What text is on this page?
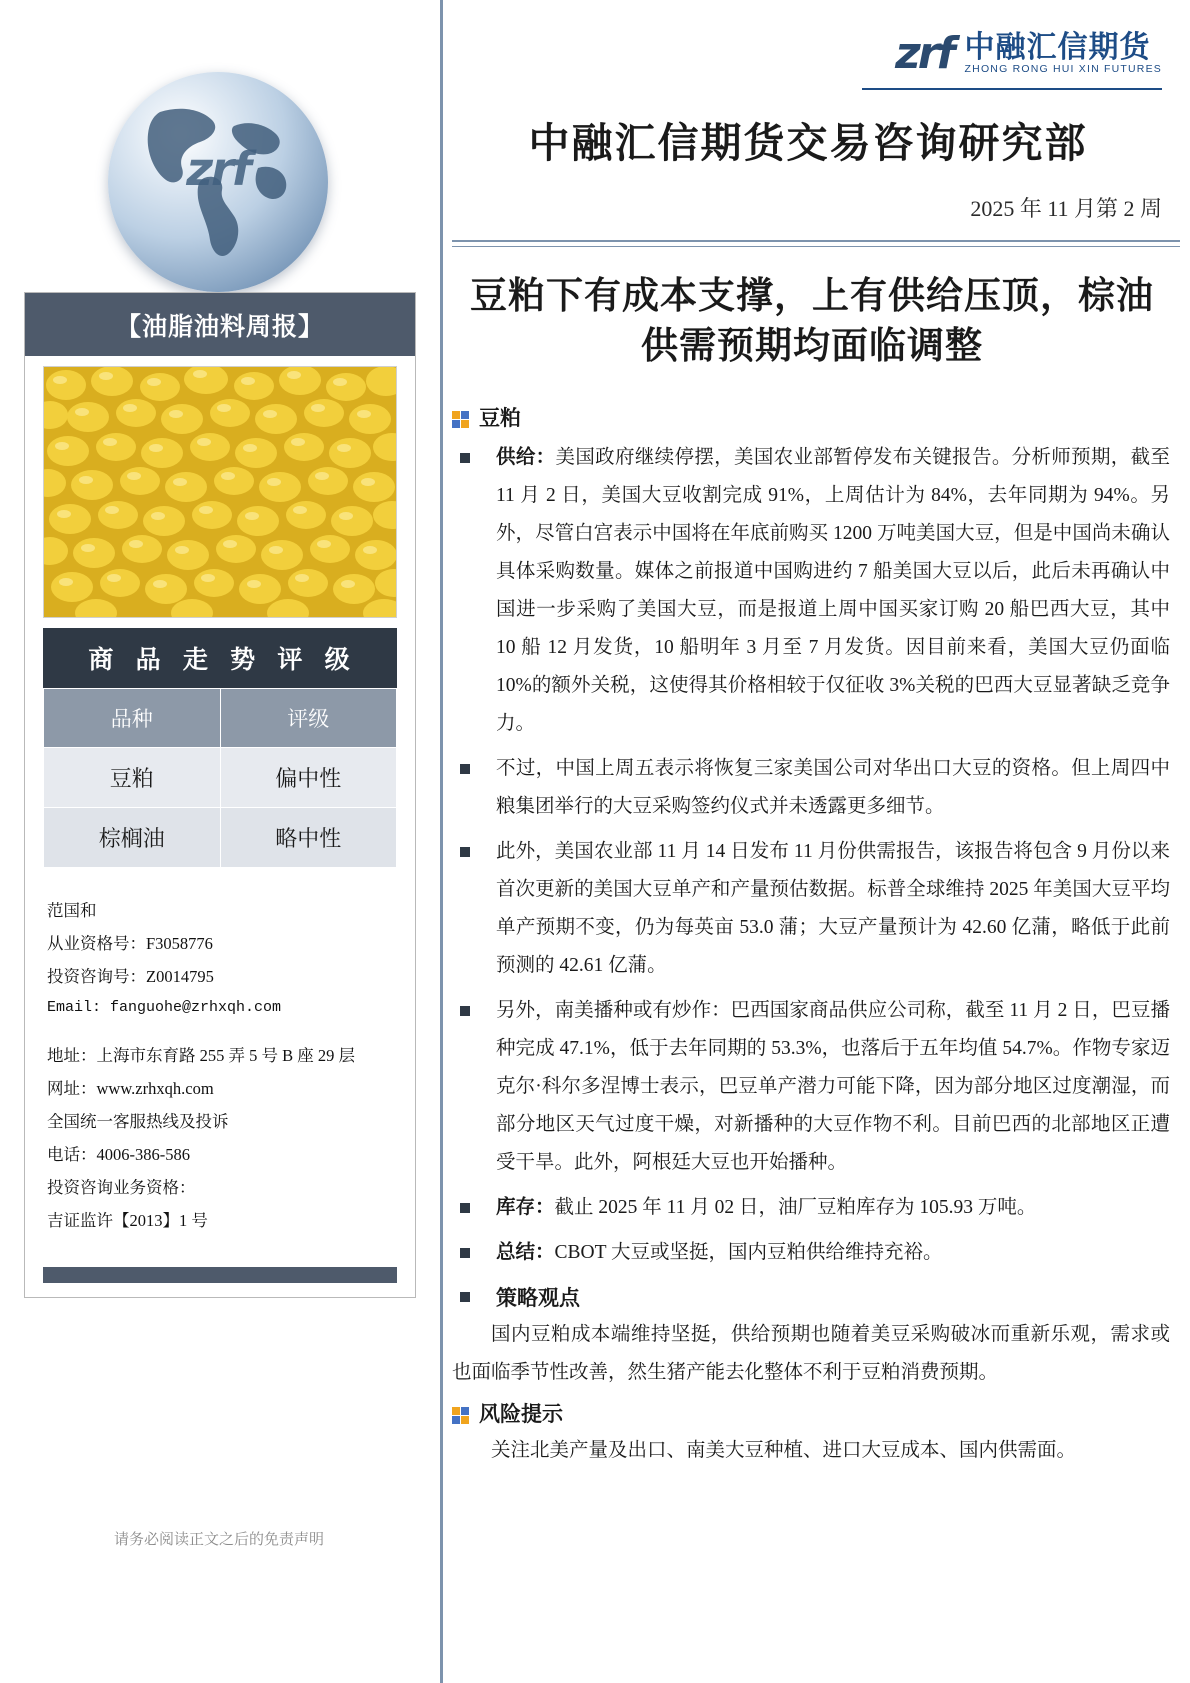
zrf
【油脂油料周报】
商 品 走 势 评 级
品种	评级
豆粕	偏中性
棕榈油	略中性
范国和
从业资格号：F3058776
投资咨询号：Z0014795
Email: fanguohe@zrhxqh.com
地址：上海市东育路 255 弄 5 号 B 座 29 层
网址：www.zrhxqh.com
全国统一客服热线及投诉
电话：4006-386-586
投资咨询业务资格：
吉证监许【2013】1 号
请务必阅读正文之后的免责声明
zrf 中融汇信期货
ZHONG RONG HUI XIN FUTURES
中融汇信期货交易咨询研究部
2025 年 11 月第 2 周
豆粕下有成本支撑，上有供给压顶，棕油供需预期均面临调整
豆粕
供给：美国政府继续停摆，美国农业部暂停发布关键报告。分析师预期，截至 11 月 2 日，美国大豆收割完成 91%，上周估计为 84%，去年同期为 94%。另外，尽管白宫表示中国将在年底前购买 1200 万吨美国大豆，但是中国尚未确认具体采购数量。媒体之前报道中国购进约 7 船美国大豆以后，此后未再确认中国进一步采购了美国大豆，而是报道上周中国买家订购 20 船巴西大豆，其中 10 船 12 月发货，10 船明年 3 月至 7 月发货。因目前来看，美国大豆仍面临 10%的额外关税，这使得其价格相较于仅征收 3%关税的巴西大豆显著缺乏竞争力。
不过，中国上周五表示将恢复三家美国公司对华出口大豆的资格。但上周四中粮集团举行的大豆采购签约仪式并未透露更多细节。
此外，美国农业部 11 月 14 日发布 11 月份供需报告，该报告将包含 9 月份以来首次更新的美国大豆单产和产量预估数据。标普全球维持 2025 年美国大豆平均单产预期不变，仍为每英亩 53.0 蒲；大豆产量预计为 42.60 亿蒲，略低于此前预测的 42.61 亿蒲。
另外，南美播种或有炒作：巴西国家商品供应公司称，截至 11 月 2 日，巴豆播种完成 47.1%，低于去年同期的 53.3%，也落后于五年均值 54.7%。作物专家迈克尔·科尔多涅博士表示，巴豆单产潜力可能下降，因为部分地区过度潮湿，而部分地区天气过度干燥，对新播种的大豆作物不利。目前巴西的北部地区正遭受干旱。此外，阿根廷大豆也开始播种。
库存：截止 2025 年 11 月 02 日，油厂豆粕库存为 105.93 万吨。
总结：CBOT 大豆或坚挺，国内豆粕供给维持充裕。
策略观点
国内豆粕成本端维持坚挺，供给预期也随着美豆采购破冰而重新乐观，需求或也面临季节性改善，然生猪产能去化整体不利于豆粕消费预期。
风险提示
关注北美产量及出口、南美大豆种植、进口大豆成本、国内供需面。
